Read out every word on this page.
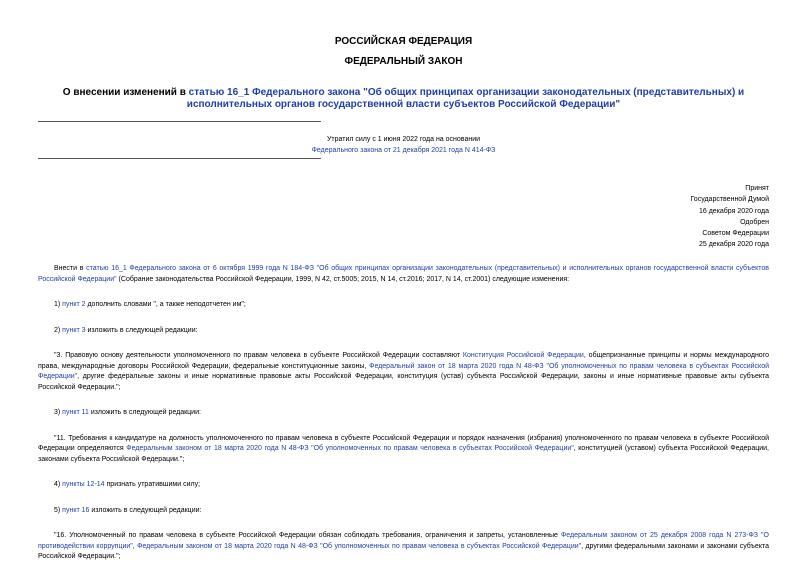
РОССИЙСКАЯ ФЕДЕРАЦИЯ
ФЕДЕРАЛЬНЫЙ ЗАКОН
О внесении изменений в статью 16_1 Федерального закона "Об общих принципах организации законодательных (представительных) и исполнительных органов государственной власти субъектов Российской Федерации"
Утратил силу с 1 июня 2022 года на основании
Федерального закона от 21 декабря 2021 года N 414-ФЗ
Принят
Государственной Думой
16 декабря 2020 года
Одобрен
Советом Федерации
25 декабря 2020 года

Внести в статью 16_1 Федерального закона от 6 октября 1999 года N 184-ФЗ "Об общих принципах организации законодательных (представительных) и исполнительных органов государственной власти субъектов Российской Федерации" (Собрание законодательства Российской Федерации, 1999, N 42, ст.5005; 2015, N 14, ст.2016; 2017, N 14, ст.2001) следующие изменения:

1) пункт 2 дополнить словами ", а также неподотчетен им";

2) пункт 3 изложить в следующей редакции:

"3. Правовую основу деятельности уполномоченного по правам человека в субъекте Российской Федерации составляют Конституция Российской Федерации, общепризнанные принципы и нормы международного права, международные договоры Российской Федерации, федеральные конституционные законы, Федеральный закон от 18 марта 2020 года N 48-ФЗ "Об уполномоченных по правам человека в субъектах Российской Федерации", другие федеральные законы и иные нормативные правовые акты Российской Федерации, конституция (устав) субъекта Российской Федерации, законы и иные нормативные правовые акты субъекта Российской Федерации.";

3) пункт 11 изложить в следующей редакции:

"11. Требования к кандидатуре на должность уполномоченного по правам человека в субъекте Российской Федерации и порядок назначения (избрания) уполномоченного по правам человека в субъекте Российской Федерации определяются Федеральным законом от 18 марта 2020 года N 48-ФЗ "Об уполномоченных по правам человека в субъектах Российской Федерации", конституцией (уставом) субъекта Российской Федерации, законами субъекта Российской Федерации.";

4) пункты 12-14 признать утратившими силу;

5) пункт 16 изложить в следующей редакции:

"16. Уполномоченный по правам человека в субъекте Российской Федерации обязан соблюдать требования, ограничения и запреты, установленные Федеральным законом от 25 декабря 2008 года N 273-ФЗ "О противодействии коррупции", Федеральным законом от 18 марта 2020 года N 48-ФЗ "Об уполномоченных по правам человека в субъектах Российской Федерации", другими федеральными законами и законами субъекта Российской Федерации.";
